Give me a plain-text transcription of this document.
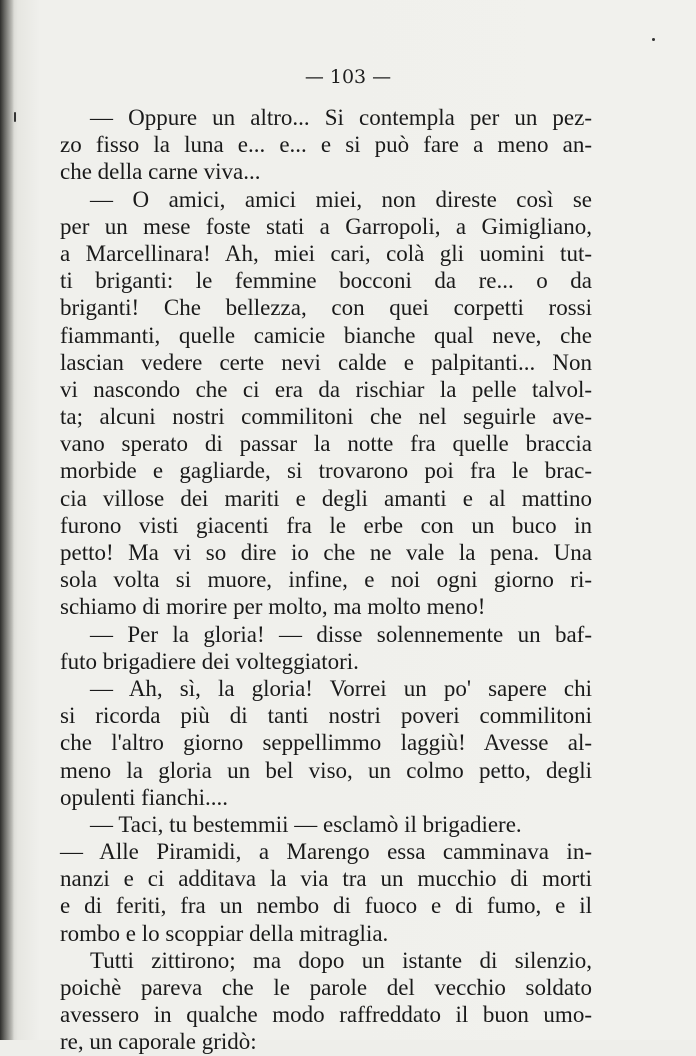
— 103 —
— Oppure un altro... Si contempla per un pez-
zo fisso la luna e... e... e si può fare a meno an-
che della carne viva...
— O amici, amici miei, non direste così se
per un mese foste stati a Garropoli, a Gimigliano,
a Marcellinara! Ah, miei cari, colà gli uomini tut-
ti briganti: le femmine bocconi da re... o da
briganti! Che bellezza, con quei corpetti rossi
fiammanti, quelle camicie bianche qual neve, che
lascian vedere certe nevi calde e palpitanti... Non
vi nascondo che ci era da rischiar la pelle talvol-
ta; alcuni nostri commilitoni che nel seguirle ave-
vano sperato di passar la notte fra quelle braccia
morbide e gagliarde, si trovarono poi fra le brac-
cia villose dei mariti e degli amanti e al mattino
furono visti giacenti fra le erbe con un buco in
petto! Ma vi so dire io che ne vale la pena. Una
sola volta si muore, infine, e noi ogni giorno ri-
schiamo di morire per molto, ma molto meno!
— Per la gloria! — disse solennemente un baf-
futo brigadiere dei volteggiatori.
— Ah, sì, la gloria! Vorrei un po' sapere chi
si ricorda più di tanti nostri poveri commilitoni
che l'altro giorno seppellimmo laggiù! Avesse al-
meno la gloria un bel viso, un colmo petto, degli
opulenti fianchi....
— Taci, tu bestemmii — esclamò il brigadiere.
— Alle Piramidi, a Marengo essa camminava in-
nanzi e ci additava la via tra un mucchio di morti
e di feriti, fra un nembo di fuoco e di fumo, e il
rombo e lo scoppiar della mitraglia.
Tutti zittirono; ma dopo un istante di silenzio,
poichè pareva che le parole del vecchio soldato
avessero in qualche modo raffreddato il buon umo-
re, un caporale gridò:
